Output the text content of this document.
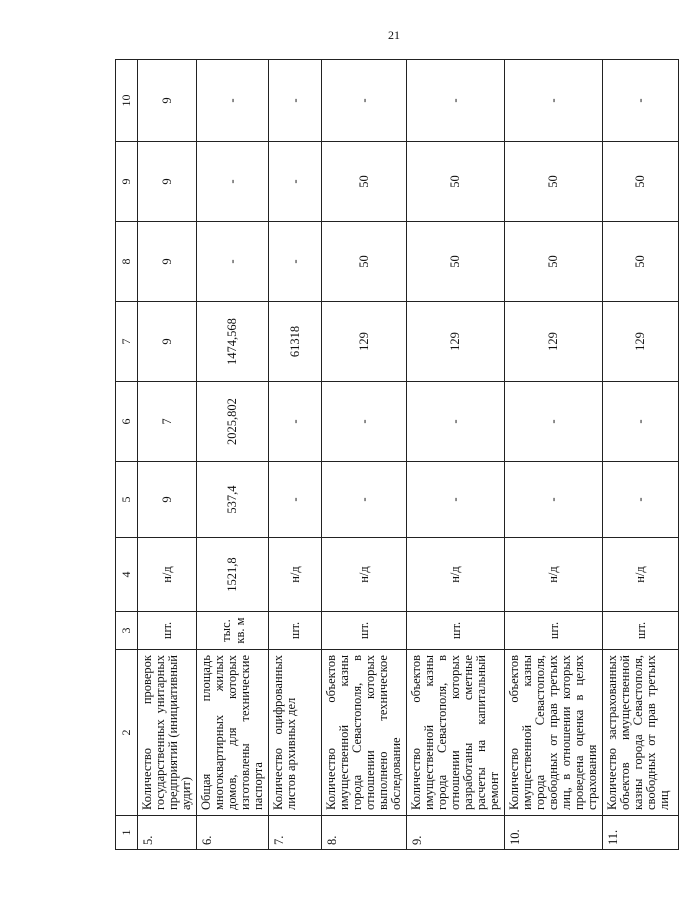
21
1	2	3	4	5	6	7	8	9	10
5.	Количество проверок государственных унитарных предприятий (инициативный аудит)	шт.	н/д	9	7	9	9	9	9
6.	Общая площадь многоквартирных жилых домов, для которых изготовлены технические паспорта	тыс. кв. м	1521,8	537,4	2025,802	1474,568	-	-	-
7.	Количество оцифрованных листов архивных дел	шт.	н/д	-	-	61318	-	-	-
8.	Количество объектов имущественной казны города Севастополя, в отношении которых выполнено техническое обследование	шт.	н/д	-	-	129	50	50	-
9.	Количество объектов имущественной казны города Севастополя, в отношении которых разработаны сметные расчеты на капитальный ремонт	шт.	н/д	-	-	129	50	50	-
10.	Количество объектов имущественной казны города Севастополя, свободных от прав третьих лиц, в отношении которых проведена оценка в целях страхования	шт.	н/д	-	-	129	50	50	-
11.	Количество застрахованных объектов имущественной казны города Севастополя, свободных от прав третьих лиц	шт.	н/д	-	-	129	50	50	-
